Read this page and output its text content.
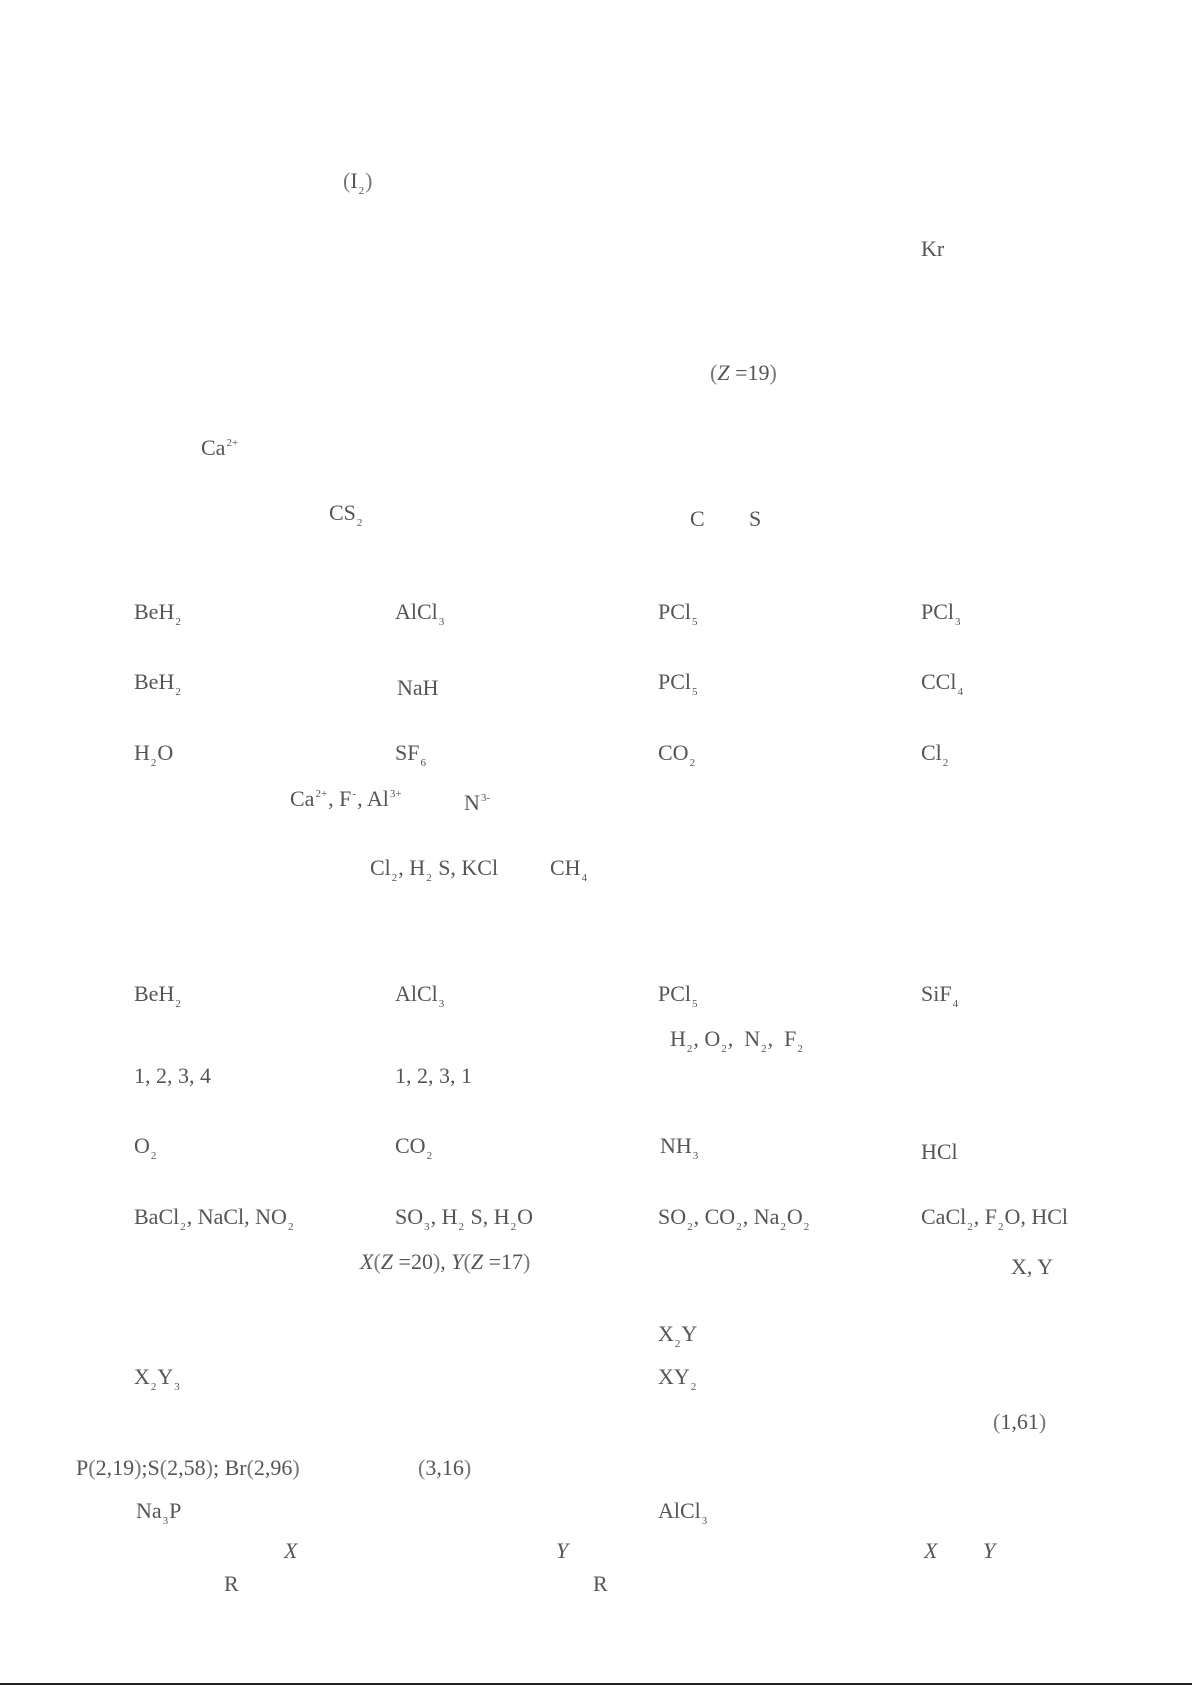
$(I_2)$
Kr
(Z =19)
$Ca^{2+}$
$CS_2$	C S
BeH$_2$	AlCl$_3$	PCl$_5$	PCl$_3$
BeH$_2$	NaH	PCl$_5$	CCl$_4$
$H_2O$	$SF_6$	$CO_2$	$Cl_2$
$Ca^{2+}$, F-, $Al^{3+}$	$N^{3-}$
$Cl_2$, $H_2$ S, KCl $CH_4$
BeH$_2$	AlCl$_3$	PCl$_5$	SiF$_4$
$H_2$, $O_2$,  $N_2$,  $F_2$
1, 2, 3, 4	1, 2, 3, 1
$O_2$	$CO_2$	$NH_3$	HCl
BaCl$_2$, NaCl, $NO_2$	$SO_3$, $H_2$ S, $H_2O$	$SO_2$, $CO_2$, $Na_2O_2$	CaCl$_2$, $F_2O$, HCl
X(Z =20), Y(Z =17)	X, Y
$X_2Y$
$X_2Y_3$	$XY_2$
(1,61)
P(2,19);S(2,58); Br(2,96)	(3,16)
$Na_3P$	AlCl$_3$
X	Y	X Y
R	R
